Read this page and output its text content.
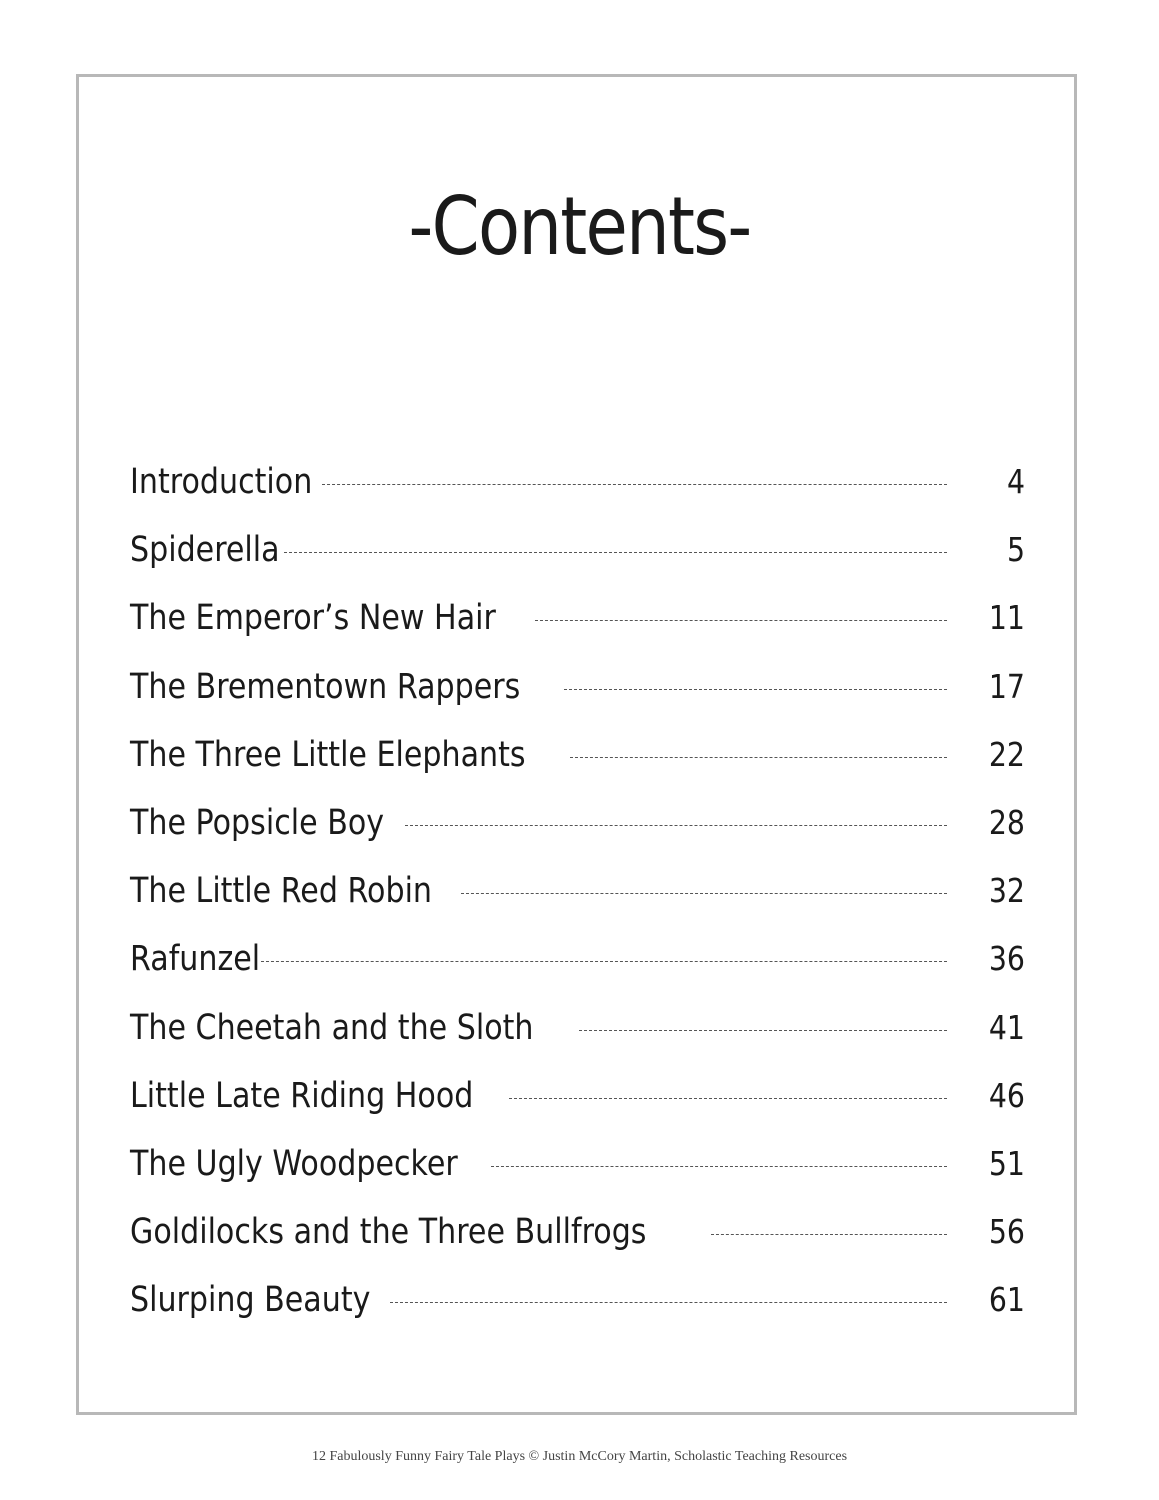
-Contents-
Introduction	4
Spiderella	5
The Emperor’s New Hair	11
The Brementown Rappers	17
The Three Little Elephants	22
The Popsicle Boy	28
The Little Red Robin	32
Rafunzel	36
The Cheetah and the Sloth	41
Little Late Riding Hood	46
The Ugly Woodpecker	51
Goldilocks and the Three Bullfrogs	56
Slurping Beauty	61
12 Fabulously Funny Fairy Tale Plays © Justin McCory Martin, Scholastic Teaching Resources
